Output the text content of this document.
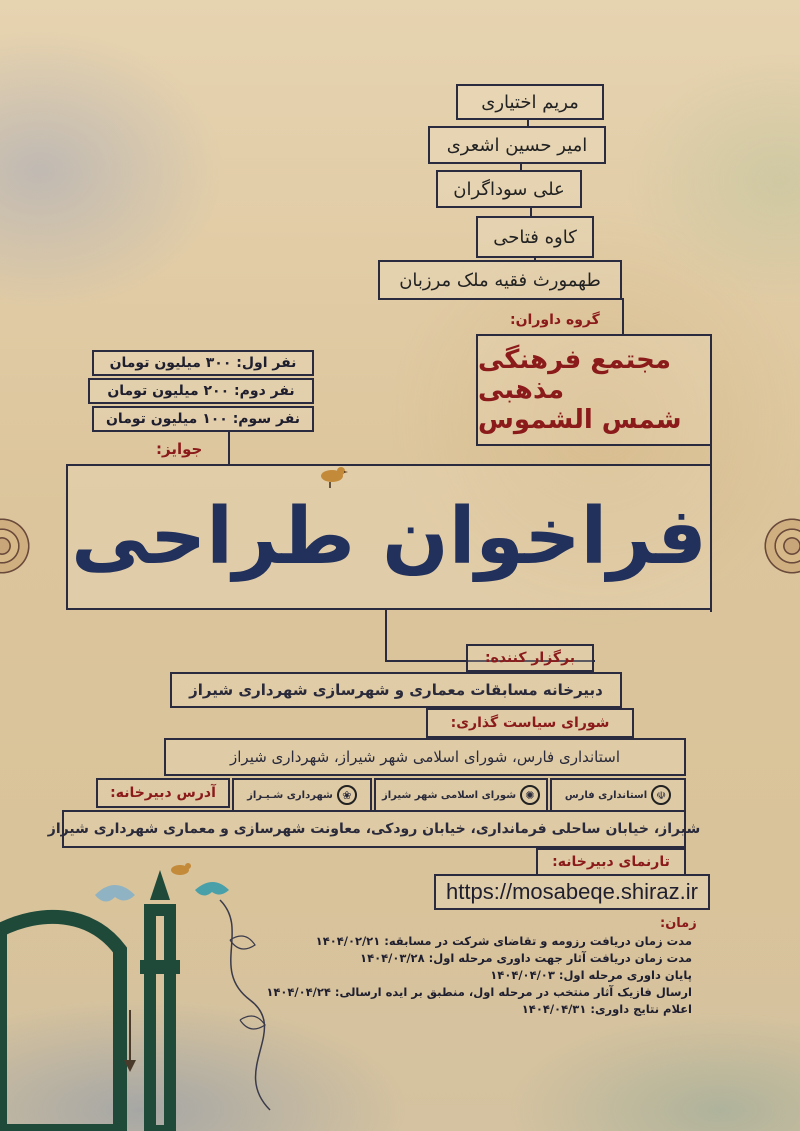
مریم اختیاری
امیر حسین اشعری
علی سوداگران
کاوه فتاحی
طهمورث فقیه ملک مرزبان
گروه داوران:
مجتمع فرهنگی
مذهبی
شمس الشموس
نفر اول: ۳۰۰ میلیون تومان
نفر دوم: ۲۰۰ میلیون تومان
نفر سوم: ۱۰۰ میلیون تومان
جوایز:
فراخوان طراحی
برگزار کننده:
دبیرخانه مسابقات معماری و شهرسازی شهرداری شیراز
شورای سیاست گذاری:
استانداری فارس، شورای اسلامی شهر شیراز، شهرداری شیراز
☫
استانداری فارس
✺
شورای اسلامی شهر شیراز
❀
شهرداری شـیـراز
آدرس دبیرخانه:
شیراز، خیابان ساحلی فرمانداری، خیابان رودکی، معاونت شهرسازی و معماری شهرداری شیراز
تارنمای دبیرخانه:
https://mosabeqe.shiraz.ir
زمان:
مدت زمان دریافت رزومه و تقاضای شرکت در مسابقه: ۱۴۰۴/۰۲/۲۱
مدت زمان دریافت آثار جهت داوری مرحله اول: ۱۴۰۴/۰۳/۲۸
پایان داوری مرحله اول: ۱۴۰۴/۰۴/۰۳
ارسال فازیک آثار منتخب در مرحله اول، منطبق بر ایده ارسالی: ۱۴۰۴/۰۴/۲۴
اعلام نتایج داوری: ۱۴۰۴/۰۴/۳۱
